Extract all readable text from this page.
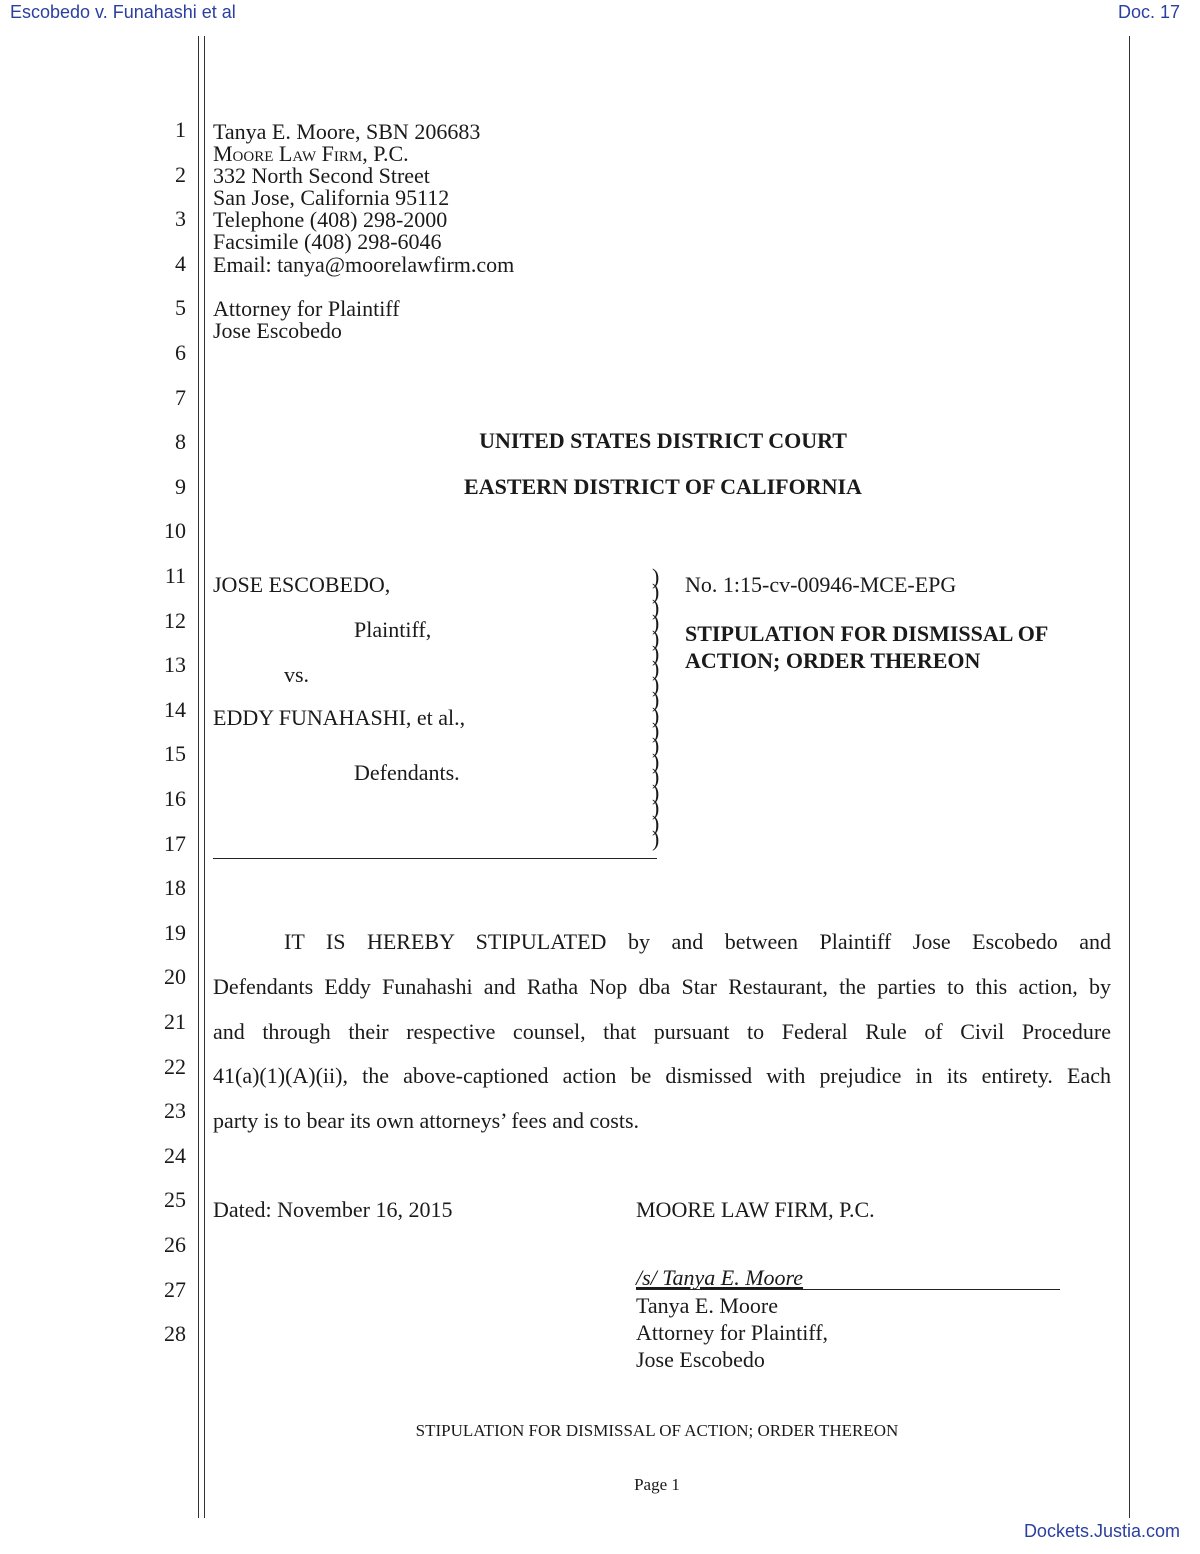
Escobedo v. Funahashi et al	Doc. 17
1
2
3
4
5
6
7
8
9
10
11
12
13
14
15
16
17
18
19
20
21
22
23
24
25
26
27
28
Tanya E. Moore, SBN 206683
Moore Law Firm, P.C.
332 North Second Street
San Jose, California 95112
Telephone (408) 298-2000
Facsimile (408) 298-6046
Email: tanya@moorelawfirm.com
Attorney for Plaintiff
Jose Escobedo
UNITED STATES DISTRICT COURT
EASTERN DISTRICT OF CALIFORNIA
JOSE ESCOBEDO,
Plaintiff,
vs.
EDDY FUNAHASHI, et al.,
Defendants.
)
)
)
)
)
)
)
)
)
)
)
)
)
)
)
)
)
)
No. 1:15-cv-00946-MCE-EPG
STIPULATION FOR DISMISSAL OF
ACTION; ORDER THEREON
IT IS HEREBY STIPULATED by and between Plaintiff Jose Escobedo and
Defendants Eddy Funahashi and Ratha Nop dba Star Restaurant, the parties to this action, by
and through their respective counsel, that pursuant to Federal Rule of Civil Procedure
41(a)(1)(A)(ii), the above-captioned action be dismissed with prejudice in its entirety. Each
party is to bear its own attorneys’ fees and costs.
Dated: November 16, 2015	MOORE LAW FIRM, P.C.
/s/ Tanya E. Moore
Tanya E. Moore
Attorney for Plaintiff,
Jose Escobedo
STIPULATION FOR DISMISSAL OF ACTION; ORDER THEREON
Page 1
Dockets.Justia.com
